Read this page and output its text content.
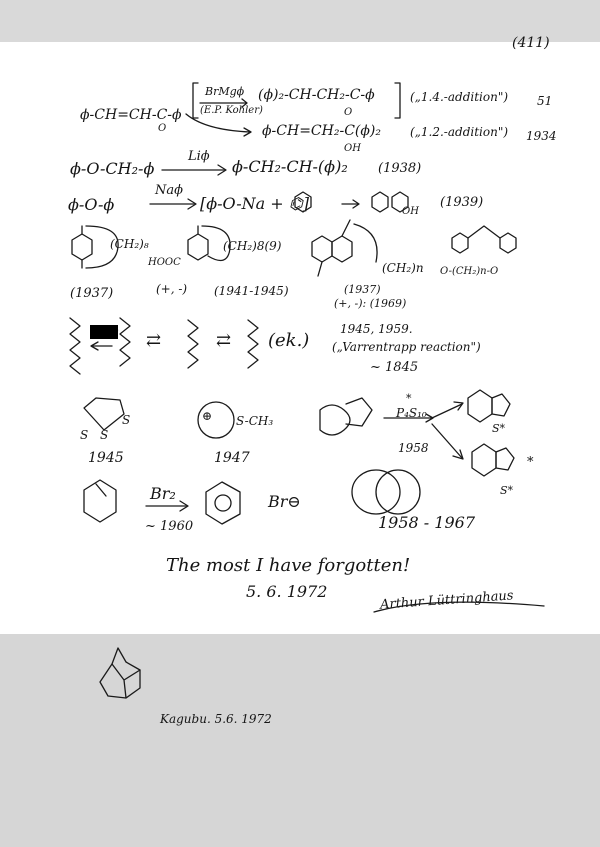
(411)
ϕ-CH=CH-C-ϕ
O
BrMgϕ
(E.P. Kohler)
(ϕ)₂-CH-CH₂-C-ϕ
O
(„1.4.-addition") 51
ϕ-CH=CH₂-C(ϕ)₂
OH
(„1.2.-addition") 1934
ϕ-O-CH₂-ϕ
Liϕ
ϕ-CH₂-CH-(ϕ)₂ (1938)
ϕ-O-ϕ
Naϕ
[ϕ-O-Na + ⌬]	OH
(1939)
(CH₂)₈
(1937)
HOOC
(CH₂)8(9)
(+, -) (1941-1945)
(CH₂)n
(1937)
(+, -): (1969)
O-(CH₂)n-O
⇄	⇄ (ek.)
1945, 1959.
(„Varrentrapp reaction")
~ 1845
S
S S
1945
S-CH₃
⊕
1947
P₄S₁₀
*
1958
S*
*
S*
Br₂
~ 1960
Br⊖
1958 - 1967
The most I have forgotten!
5. 6. 1972	Arthur Lüttringhaus
Kagubu. 5.6. 1972
